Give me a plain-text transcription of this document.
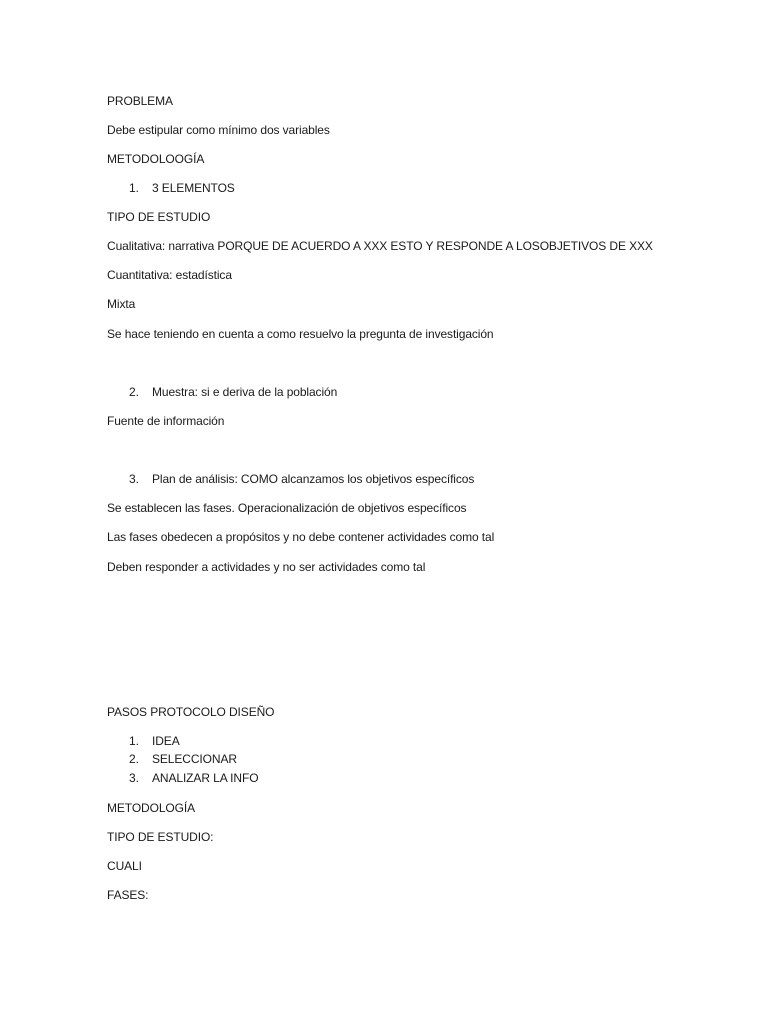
PROBLEMA
Debe estipular como mínimo dos variables
METODOLOOGÍA
1. 3 ELEMENTOS
TIPO DE ESTUDIO
Cualitativa: narrativa PORQUE DE ACUERDO A XXX ESTO Y RESPONDE A LOSOBJETIVOS DE XXX
Cuantitativa: estadística
Mixta
Se hace teniendo en cuenta a como resuelvo la pregunta de investigación
2. Muestra: si e deriva de la población
Fuente de información
3. Plan de análisis: COMO alcanzamos los objetivos específicos
Se establecen las fases. Operacionalización de objetivos específicos
Las fases obedecen a propósitos y no debe contener actividades como tal
Deben responder a actividades y no ser actividades como tal
PASOS PROTOCOLO DISEÑO
1. IDEA
2. SELECCIONAR
3. ANALIZAR LA INFO
METODOLOGÍA
TIPO DE ESTUDIO:
CUALI
FASES:
